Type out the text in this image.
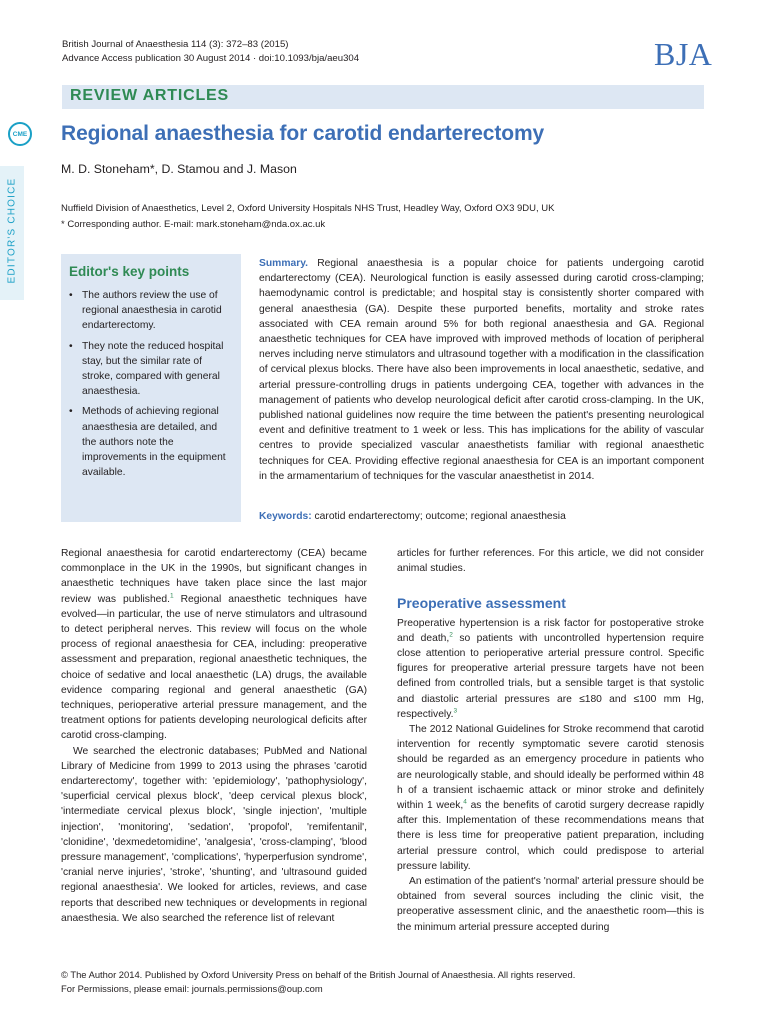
British Journal of Anaesthesia 114 (3): 372–83 (2015)

Advance Access publication 30 August 2014 · doi:10.1093/bja/aeu304	BJA
REVIEW ARTICLES
CME
EDITOR'S CHOICE
Regional anaesthesia for carotid endarterectomy

M. D. Stoneham*, D. Stamou and J. Mason

Nuffield Division of Anaesthetics, Level 2, Oxford University Hospitals NHS Trust, Headley Way, Oxford OX3 9DU, UK

* Corresponding author. E-mail: mark.stoneham@nda.ox.ac.uk

Editor's key points
• The authors review the use of regional anaesthesia in carotid endarterectomy.
• They note the reduced hospital stay, but the similar rate of stroke, compared with general anaesthesia.
• Methods of achieving regional anaesthesia are detailed, and the authors note the improvements in the equipment available.

Summary. Regional anaesthesia is a popular choice for patients undergoing carotid endarterectomy (CEA). Neurological function is easily assessed during carotid cross-clamping; haemodynamic control is predictable; and hospital stay is consistently shorter compared with general anaesthesia (GA). Despite these purported benefits, mortality and stroke rates associated with CEA remain around 5% for both regional anaesthesia and GA. Regional anaesthetic techniques for CEA have improved with improved methods of location of peripheral nerves including nerve stimulators and ultrasound together with a modification in the classification of cervical plexus blocks. There have also been improvements in local anaesthetic, sedative, and arterial pressure-controlling drugs in patients undergoing CEA, together with advances in the management of patients who develop neurological deficit after carotid cross-clamping. In the UK, published national guidelines now require the time between the patient's presenting neurological event and definitive treatment to 1 week or less. This has implications for the ability of vascular centres to provide specialized vascular anaesthetists familiar with regional anaesthetic techniques for CEA. Providing effective regional anaesthesia for CEA is an important component in the armamentarium of techniques for the vascular anaesthetist in 2014.

Keywords: carotid endarterectomy; outcome; regional anaesthesia

Regional anaesthesia for carotid endarterectomy (CEA) became commonplace in the UK in the 1990s, but significant changes in anaesthetic techniques have taken place since the last major review was published.$^1$ Regional anaesthetic techniques have evolved—in particular, the use of nerve stimulators and ultrasound to detect peripheral nerves. This review will focus on the whole process of regional anaesthesia for CEA, including: preoperative assessment and preparation, regional anaesthetic techniques, the choice of sedative and local anaesthetic (LA) drugs, the available evidence comparing regional and general anaesthetic (GA) techniques, perioperative arterial pressure management, and the treatment options for patients developing neurological deficits after carotid cross-clamping.

We searched the electronic databases; PubMed and National Library of Medicine from 1999 to 2013 using the phrases 'carotid endarterectomy', together with: 'epidemiology', 'pathophysiology', 'superficial cervical plexus block', 'deep cervical plexus block', 'intermediate cervical plexus block', 'single injection', 'multiple injection', 'monitoring', 'sedation', 'propofol', 'remifentanil', 'clonidine', 'dexmedetomidine', 'analgesia', 'cross-clamping', 'blood pressure management', 'complications', 'hyperperfusion syndrome', 'cranial nerve injuries', 'stroke', 'shunting', and 'ultrasound guided regional anaesthesia'. We looked for articles, reviews, and case reports that described new techniques or developments in regional anaesthesia. We also searched the reference list of relevant

articles for further references. For this article, we did not consider animal studies.

Preoperative assessment

Preoperative hypertension is a risk factor for postoperative stroke and death,$^2$ so patients with uncontrolled hypertension require close attention to perioperative arterial pressure control. Specific figures for preoperative arterial pressure targets have not been defined from controlled trials, but a sensible target is that systolic and diastolic arterial pressures are ≤180 and ≤100 mm Hg, respectively.$^3$

The 2012 National Guidelines for Stroke recommend that carotid intervention for recently symptomatic severe carotid stenosis should be regarded as an emergency procedure in patients who are neurologically stable, and should ideally be performed within 48 h of a transient ischaemic attack or minor stroke and definitely within 1 week,$^4$ as the benefits of carotid surgery decrease rapidly after this. Implementation of these recommendations means that there is less time for preoperative patient preparation, including arterial pressure control, which could predispose to arterial pressure lability.

An estimation of the patient's 'normal' arterial pressure should be obtained from several sources including the clinic visit, the preoperative assessment clinic, and the anaesthetic room—this is the minimum arterial pressure accepted during

© The Author 2014. Published by Oxford University Press on behalf of the British Journal of Anaesthesia. All rights reserved.

For Permissions, please email: journals.permissions@oup.com
